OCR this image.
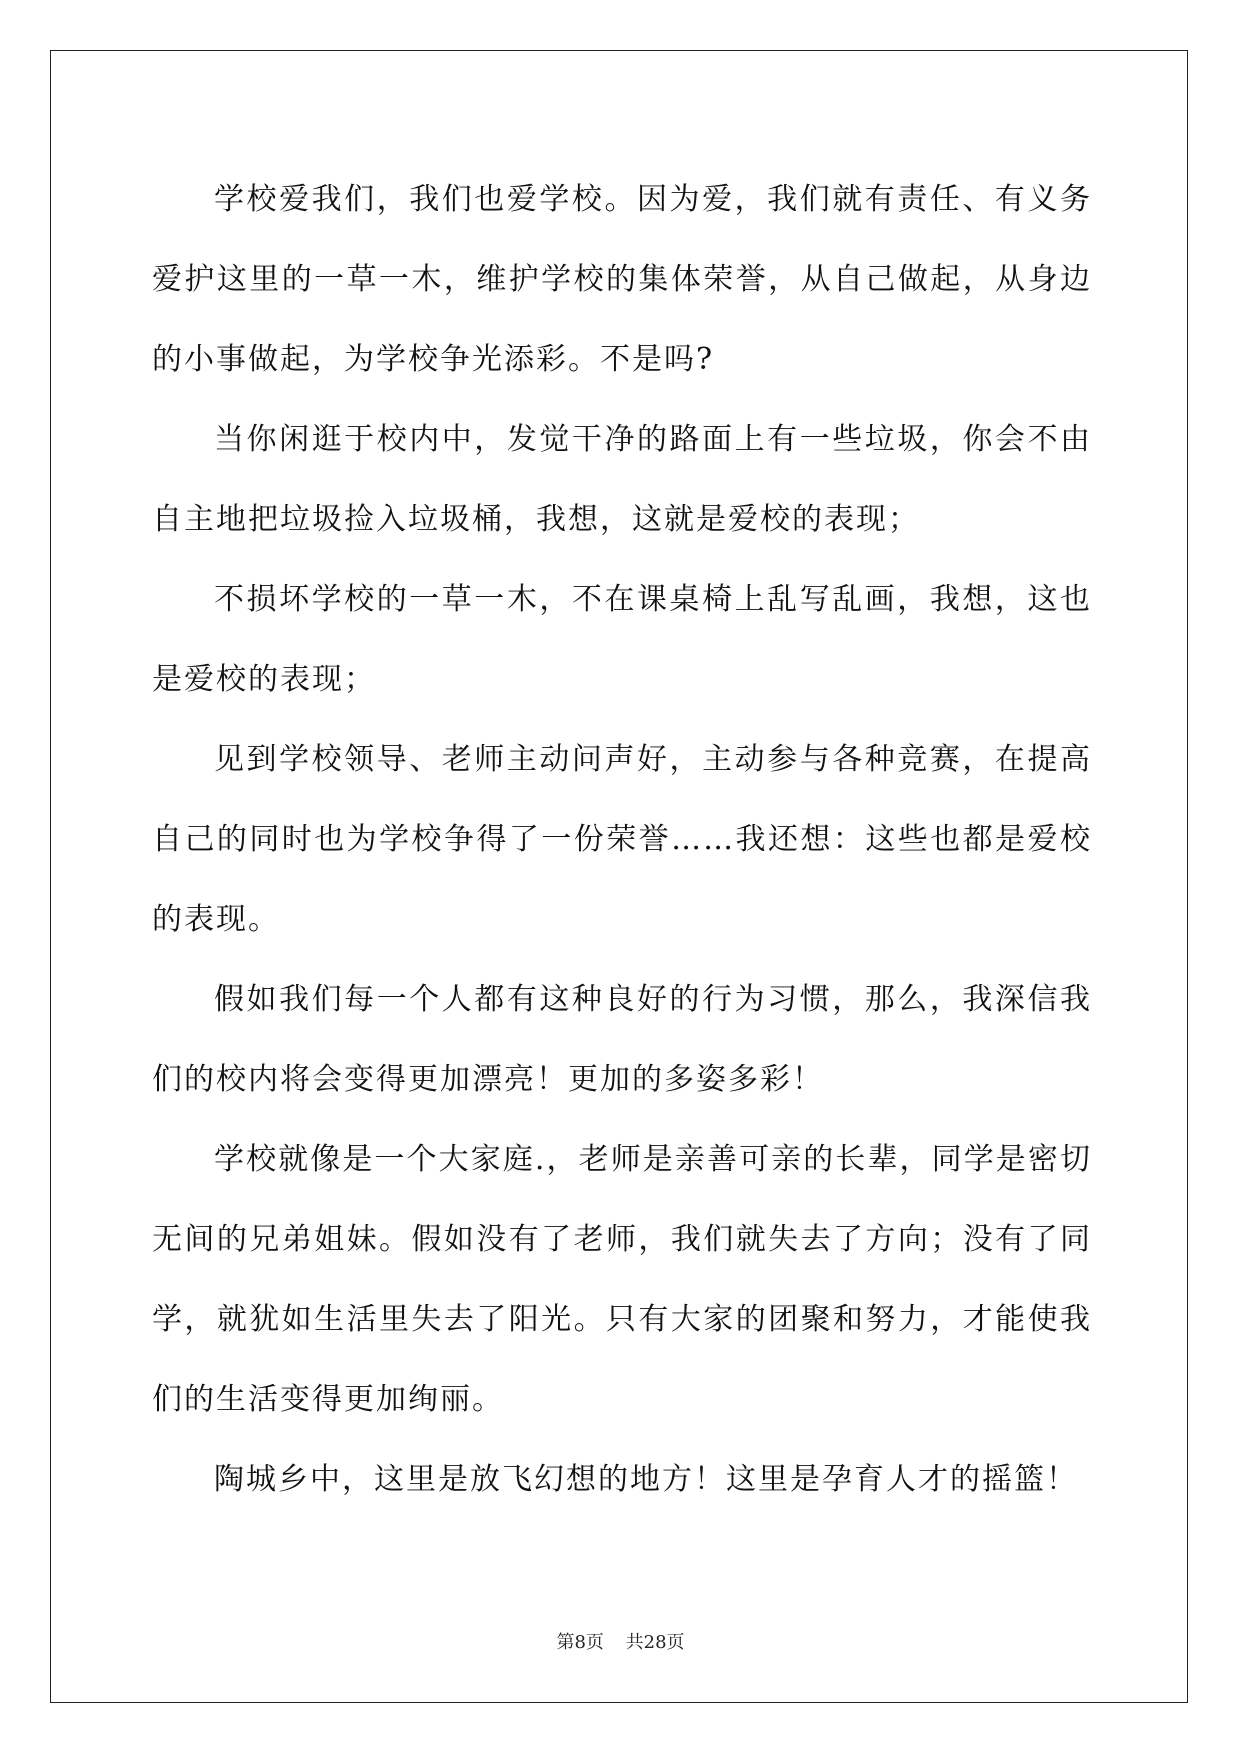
学校爱我们，我们也爱学校。因为爱，我们就有责任、有义务爱护这里的一草一木，维护学校的集体荣誉，从自己做起，从身边的小事做起，为学校争光添彩。不是吗?

当你闲逛于校内中，发觉干净的路面上有一些垃圾，你会不由自主地把垃圾捡入垃圾桶，我想，这就是爱校的表现；

不损坏学校的一草一木，不在课桌椅上乱写乱画，我想，这也是爱校的表现；

见到学校领导、老师主动问声好，主动参与各种竞赛，在提高自己的同时也为学校争得了一份荣誉……我还想：这些也都是爱校的表现。

假如我们每一个人都有这种良好的行为习惯，那么，我深信我们的校内将会变得更加漂亮！更加的多姿多彩！

学校就像是一个大家庭.，老师是亲善可亲的长辈，同学是密切无间的兄弟姐妹。假如没有了老师，我们就失去了方向；没有了同学，就犹如生活里失去了阳光。只有大家的团聚和努力，才能使我们的生活变得更加绚丽。

陶城乡中，这里是放飞幻想的地方！这里是孕育人才的摇篮！

第8页 共28页
